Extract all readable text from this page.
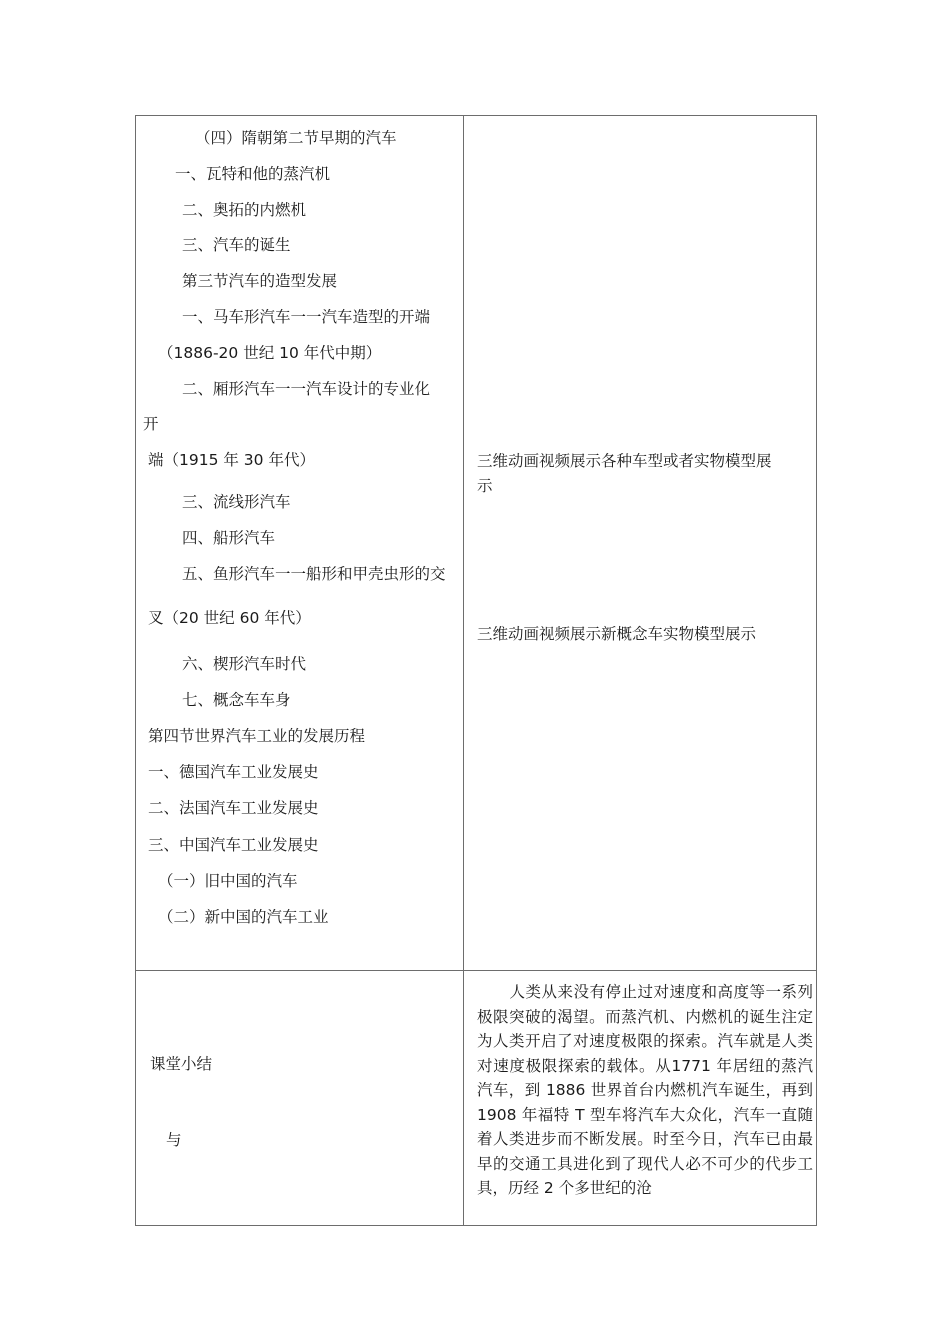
（四）隋朝第二节早期的汽车
一、瓦特和他的蒸汽机
二、奥拓的内燃机
三、汽车的诞生
第三节汽车的造型发展
一、马车形汽车一一汽车造型的开端
（1886-20 世纪 10 年代中期）
二、厢形汽车一一汽车设计的专业化
开
端（1915 年 30 年代）
三、流线形汽车
四、船形汽车
五、鱼形汽车一一船形和甲壳虫形的交
叉（20 世纪 60 年代）
六、楔形汽车时代
七、概念车车身
第四节世界汽车工业的发展历程
一、德国汽车工业发展史
二、法国汽车工业发展史
三、中国汽车工业发展史
（一）旧中国的汽车
（二）新中国的汽车工业
三维动画视频展示各种车型或者实物模型展
示
三维动画视频展示新概念车实物模型展示
课堂小结
与
人类从来没有停止过对速度和高度等一系列极限突破的渴望。而蒸汽机、内燃机的诞生注定为人类开启了对速度极限的探索。汽车就是人类对速度极限探索的载体。从1771 年居纽的蒸汽汽车，到 1886 世界首台内燃机汽车诞生，再到 1908 年福特 T 型车将汽车大众化，汽车一直随着人类进步而不断发展。时至今日，汽车已由最早的交通工具进化到了现代人必不可少的代步工具，历经 2 个多世纪的沧
